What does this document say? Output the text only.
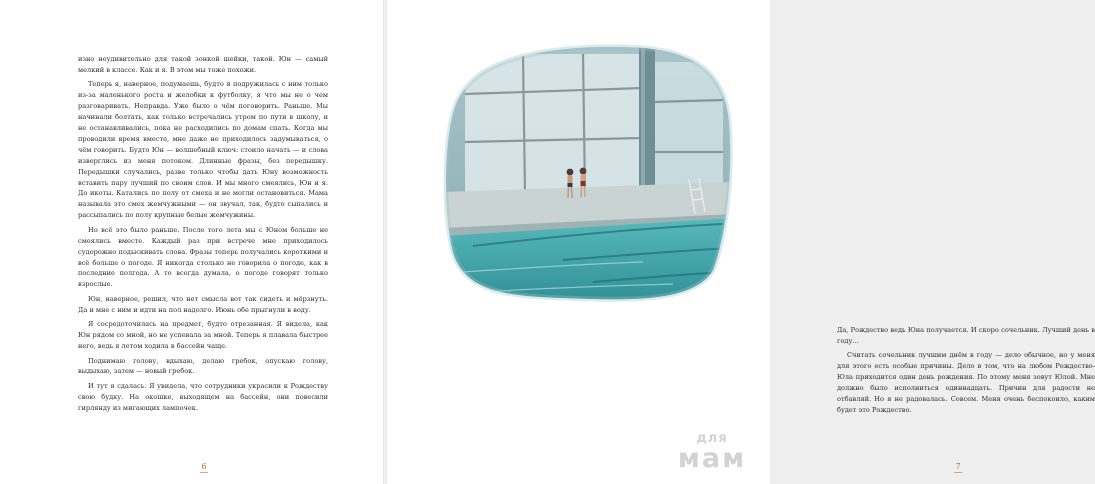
изно неудивительно для такой зонкой шейки, такой. Юн — самый мелкий в классе. Как и я. В этом мы тоже похожи.

Теперь я, наверное, подумаешь, будто я подружилась с ним только из-за маленького роста и желобки к футболку, я что мы не о чем разговаривать. Неправда. Уже было о чём поговорить. Раньше. Мы начинали болтать, как только встречались утром по пути в школу, и не останавливались, пока не расходились по домам спать. Когда мы проводили время вместе, мне даже не приходилось задумываться, о чём говорить. Будто Юн — волшебный ключ: стоило начать — и слова изверглись из меня потоком. Длинные фразы, без передышку. Передышки случались, разве только чтобы дать Юну возможность вставить пару лучший по своим слов. И мы много смеялись, Юн и я. До икоты. Катались по полу от смеха и не могли остановиться. Мама называла это смех жемчужными — он звучал, так, будто сыпались и рассыпались по полу крупные белые жемчужины.

Но всё это было раньше. После того лета мы с Юном больше не смеялись вместе. Каждый раз при встрече мне приходилось судорожно подыскивать слова. Фразы теперь получались короткими и всё больше о погоде. Я никогда столько не говорила о погоде, как в последние полгода. А то всегда думала, о погоде говорят только взрослые.

Юн, наверное, решил, что нет смысла вот так сидеть и мёрзнуть. Да и мне с ним и идти на пол надолго. Июнь обе прыгнули в воду.

Я сосредоточилась на предмет, будто отрезанная. Я видела, как Юн рядом со мной, но не успевала за мной. Теперь я плавала быстрее него, ведь я летом ходила в бассейн чаще.

Поднимаю голову, вдыхаю, делаю гребок, опускаю голову, выдыхаю, затем — новый гребок.

И тут я сдалась. Я увидела, что сотрудники украсили к Рождеству свою будку. На окошке, выходящем на бассейн, они повесили гирлянду из мигающих лампочек.

6

Да, Рождество ведь Юна получается. И скоро сочельник. Лучший день в году…

Считать сочельник лучшим днём в году — дело обычное, но у меня для этого есть особые причины. Дело в том, что на любом Рождество-Юла приходится один день рождения. По этому меня зовут Юлой. Мне должно было исполниться одиннадцать. Причин для радости не отбавляй. Но я не радовалась. Совсем. Меня очень беспокоило, каким будет это Рождество.

7
для
мам
